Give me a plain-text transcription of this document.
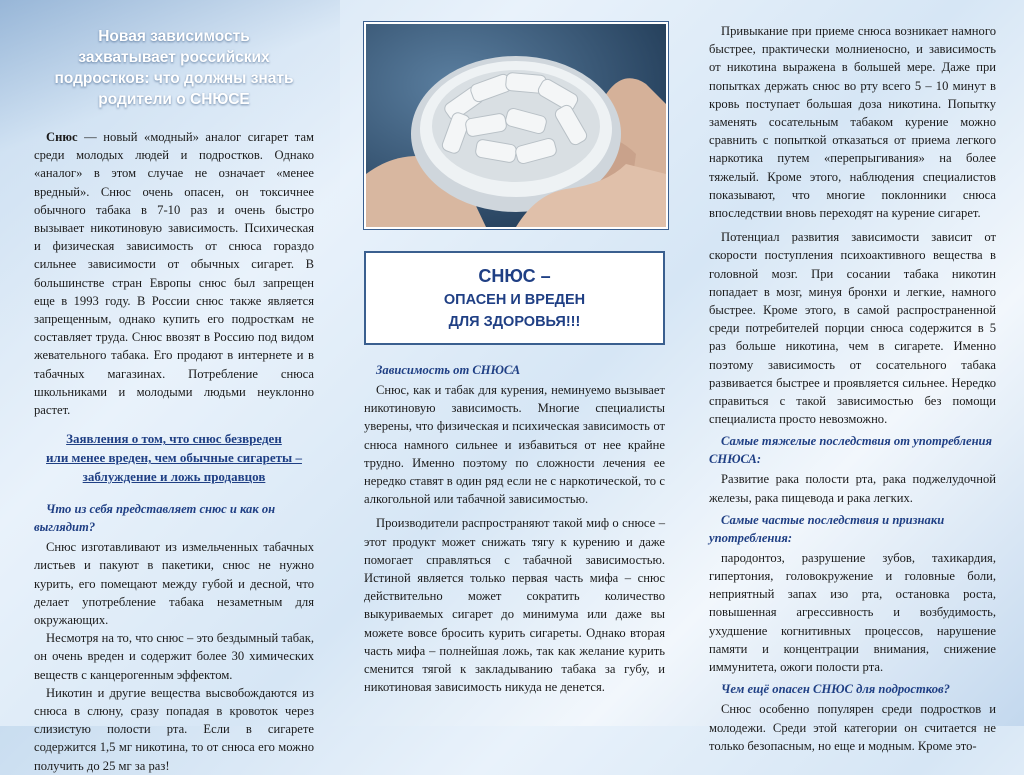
Новая зависимость
захватывает российских
подростков: что должны знать
родители о СНЮСЕ

Снюс — новый «модный» аналог сигарет там среди молодых людей и подростков. Однако «аналог» в этом случае не означает «менее вредный». Снюс очень опасен, он токсичнее обычного табака в 7-10 раз и очень быстро вызывает никотиновую зависимость. Психическая и физическая зависимость от снюса гораздо сильнее зависимости от обычных сигарет. В большинстве стран Европы снюс был запрещен еще в 1993 году. В России снюс также является запрещенным, однако купить его подросткам не составляет труда. Снюс ввозят в Россию под видом жевательного табака. Его продают в интернете и в табачных магазинах. Потребление снюса школьниками и молодыми людьми неуклонно растет.

Заявления о том, что снюс безвреден
или менее вреден, чем обычные сигареты –
заблуждение и ложь продавцов
Что из себя представляет снюс и как он выглядит?

Снюс изготавливают из измельченных табачных листьев и пакуют в пакетики, снюс не нужно курить, его помещают между губой и десной, что делает употребление табака незаметным для окружающих.

Несмотря на то, что снюс – это бездымный табак, он очень вреден и содержит более 30 химических веществ с канцерогенным эффектом.

Никотин и другие вещества высвобождаются из снюса в слюну, сразу попадая в кровоток через слизистую полости рта. Если в сигарете содержится 1,5 мг никотина, то от снюса его можно получить до 25 мг за раз!

СНЮС –
ОПАСЕН И ВРЕДЕН
ДЛЯ ЗДОРОВЬЯ!!!
Зависимость от СНЮСА

Снюс, как и табак для курения, неминуемо вызывает никотиновую зависимость. Многие специалисты уверены, что физическая и психическая зависимость от снюса намного сильнее и избавиться от нее крайне трудно. Именно поэтому по сложности лечения ее нередко ставят в один ряд если не с наркотической, то с алкогольной или табачной зависимостью.

Производители распространяют такой миф о снюсе – этот продукт может снижать тягу к курению и даже помогает справляться с табачной зависимостью. Истиной является только первая часть мифа – снюс действительно может сократить количество выкуриваемых сигарет до минимума или даже вы можете вовсе бросить курить сигареты. Однако вторая часть мифа – полнейшая ложь, так как желание курить сменится тягой к закладыванию табака за губу, и никотиновая зависимость никуда не денется.

Привыкание при приеме снюса возникает намного быстрее, практически молниеносно, и зависимость от никотина выражена в большей мере. Даже при попытках держать снюс во рту всего 5 – 10 минут в кровь поступает большая доза никотина. Попытку заменять сосательным табаком курение можно сравнить с попыткой отказаться от приема легкого наркотика путем «перепрыгивания» на более тяжелый. Кроме этого, наблюдения специалистов показывают, что многие поклонники снюса впоследствии вновь переходят на курение сигарет.

Потенциал развития зависимости зависит от скорости поступления психоактивного вещества в головной мозг. При сосании табака никотин попадает в мозг, минуя бронхи и легкие, намного быстрее. Кроме этого, в самой распространенной среди потребителей порции снюса содержится в 5 раз больше никотина, чем в сигарете. Именно поэтому зависимость от сосательного табака развивается быстрее и проявляется сильнее. Нередко справиться с такой зависимостью без помощи специалиста просто невозможно.

Самые тяжелые последствия от употребления СНЮСА:

Развитие рака полости рта, рака поджелудочной железы, рака пищевода и рака легких.

Самые частые последствия и признаки употребления:

пародонтоз, разрушение зубов, тахикардия, гипертония, головокружение и головные боли, неприятный запах изо рта, остановка роста, повышенная агрессивность и возбудимость, ухудшение когнитивных процессов, нарушение памяти и концентрации внимания, снижение иммунитета, ожоги полости рта.

Чем ещё опасен СНЮС для подростков?

Снюс особенно популярен среди подростков и молодежи. Среди этой категории он считается не только безопасным, но еще и модным. Кроме это-
